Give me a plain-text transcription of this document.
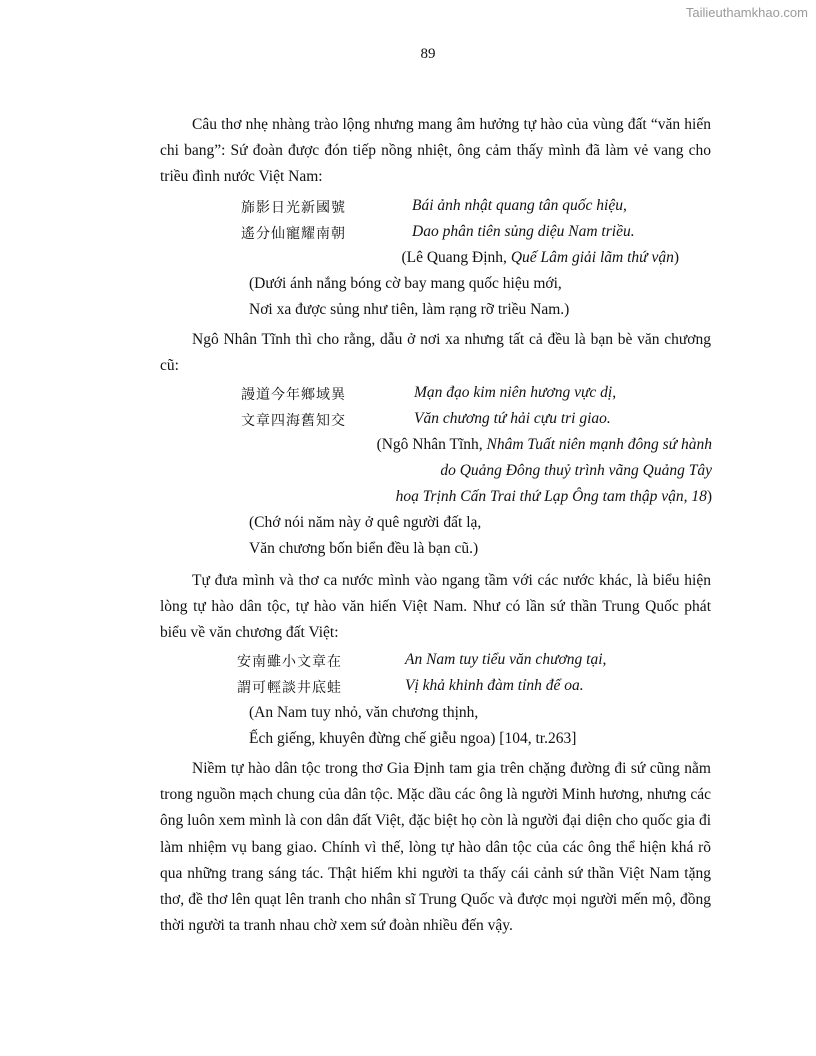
Tailieuthamkhao.com
89
Câu thơ nhẹ nhàng trào lộng nhưng mang âm hưởng tự hào của vùng đất “văn hiến chi bang”: Sứ đoàn được đón tiếp nồng nhiệt, ông cảm thấy mình đã làm vẻ vang cho triều đình nước Việt Nam:
旆影日光新國號	Bái ảnh nhật quang tân quốc hiệu,
遙分仙寵耀南朝	Dao phân tiên sủng diệu Nam triều.
(Lê Quang Định, Quế Lâm giải lãm thứ vận)
(Dưới ánh nắng bóng cờ bay mang quốc hiệu mới,
Nơi xa được sủng như tiên, làm rạng rỡ triều Nam.)
Ngô Nhân Tĩnh thì cho rằng, dẫu ở nơi xa nhưng tất cả đều là bạn bè văn chương cũ:
謾道今年鄉域異	Mạn đạo kim niên hương vực dị,
文章四海舊知交	Văn chương tứ hải cựu tri giao.
(Ngô Nhân Tĩnh, Nhâm Tuất niên mạnh đông sứ hành
do Quảng Đông thuỷ trình vãng Quảng Tây
hoạ Trịnh Cấn Trai thứ Lạp Ông tam thập vận, 18)
(Chớ nói năm này ở quê người đất lạ,
Văn chương bốn biển đều là bạn cũ.)
Tự đưa mình và thơ ca nước mình vào ngang tầm với các nước khác, là biểu hiện lòng tự hào dân tộc, tự hào văn hiến Việt Nam. Như có lần sứ thần Trung Quốc phát biểu về văn chương đất Việt:
安南雖小文章在	An Nam tuy tiểu văn chương tại,
謂可輕談井底蛙	Vị khả khinh đàm tỉnh để oa.
(An Nam tuy nhỏ, văn chương thịnh,
Ếch giếng, khuyên đừng chế giễu ngoa) [104, tr.263]
Niềm tự hào dân tộc trong thơ Gia Định tam gia trên chặng đường đi sứ cũng nằm trong nguồn mạch chung của dân tộc. Mặc dầu các ông là người Minh hương, nhưng các ông luôn xem mình là con dân đất Việt, đặc biệt họ còn là người đại diện cho quốc gia đi làm nhiệm vụ bang giao. Chính vì thế, lòng tự hào dân tộc của các ông thể hiện khá rõ qua những trang sáng tác. Thật hiếm khi người ta thấy cái cảnh sứ thần Việt Nam tặng thơ, đề thơ lên quạt lên tranh cho nhân sĩ Trung Quốc và được mọi người mến mộ, đồng thời người ta tranh nhau chờ xem sứ đoàn nhiều đến vậy.
